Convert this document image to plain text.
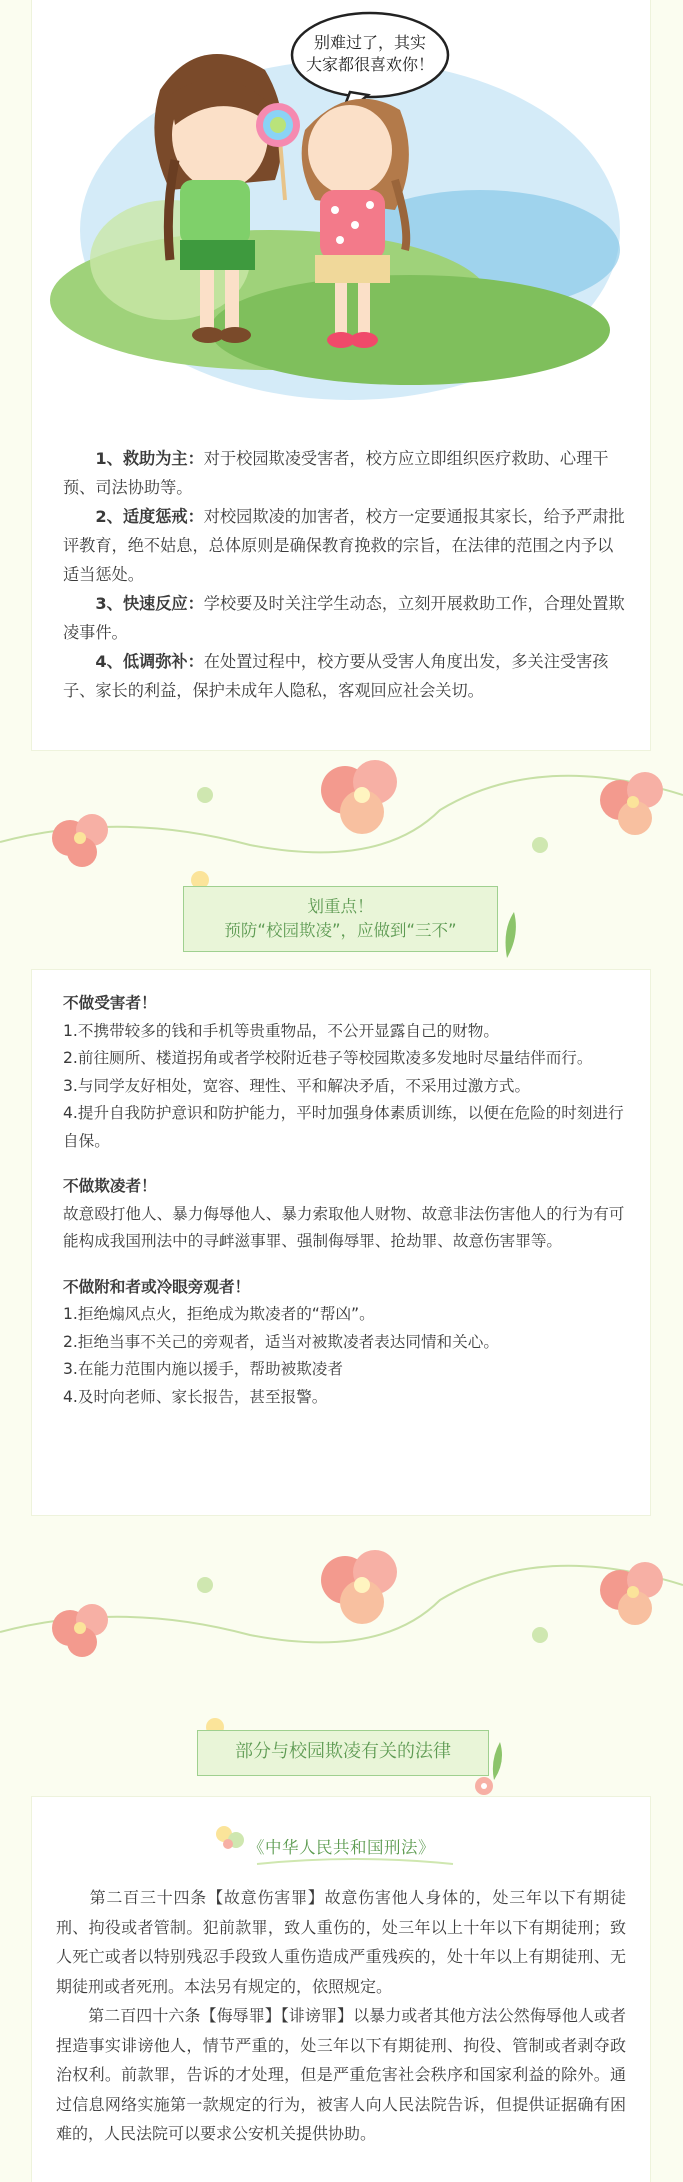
别难过了，其实
大家都很喜欢你！

　　1、救助为主：对于校园欺凌受害者，校方应立即组织医疗救助、心理干预、司法协助等。

　　2、适度惩戒：对校园欺凌的加害者，校方一定要通报其家长，给予严肃批评教育，绝不姑息，总体原则是确保教育挽救的宗旨，在法律的范围之内予以适当惩处。

　　3、快速反应：学校要及时关注学生动态，立刻开展救助工作，合理处置欺凌事件。

　　4、低调弥补：在处置过程中，校方要从受害人角度出发，多关注受害孩子、家长的利益，保护未成年人隐私，客观回应社会关切。

划重点！
预防“校园欺凌”，应做到“三不”

不做受害者！

1.不携带较多的钱和手机等贵重物品，不公开显露自己的财物。

2.前往厕所、楼道拐角或者学校附近巷子等校园欺凌多发地时尽量结伴而行。

3.与同学友好相处，宽容、理性、平和解决矛盾，不采用过激方式。

4.提升自我防护意识和防护能力，平时加强身体素质训练，以便在危险的时刻进行自保。

不做欺凌者！

故意殴打他人、暴力侮辱他人、暴力索取他人财物、故意非法伤害他人的行为有可能构成我国刑法中的寻衅滋事罪、强制侮辱罪、抢劫罪、故意伤害罪等。

不做附和者或冷眼旁观者！

1.拒绝煽风点火，拒绝成为欺凌者的“帮凶”。

2.拒绝当事不关己的旁观者，适当对被欺凌者表达同情和关心。

3.在能力范围内施以援手，帮助被欺凌者

4.及时向老师、家长报告，甚至报警。

部分与校园欺凌有关的法律
《中华人民共和国刑法》

　　第二百三十四条【故意伤害罪】故意伤害他人身体的，处三年以下有期徒刑、拘役或者管制。犯前款罪，致人重伤的，处三年以上十年以下有期徒刑；致人死亡或者以特别残忍手段致人重伤造成严重残疾的，处十年以上有期徒刑、无期徒刑或者死刑。本法另有规定的，依照规定。

　　第二百四十六条【侮辱罪】【诽谤罪】以暴力或者其他方法公然侮辱他人或者捏造事实诽谤他人，情节严重的，处三年以下有期徒刑、拘役、管制或者剥夺政治权利。前款罪，告诉的才处理，但是严重危害社会秩序和国家利益的除外。通过信息网络实施第一款规定的行为，被害人向人民法院告诉，但提供证据确有困难的，人民法院可以要求公安机关提供协助。
